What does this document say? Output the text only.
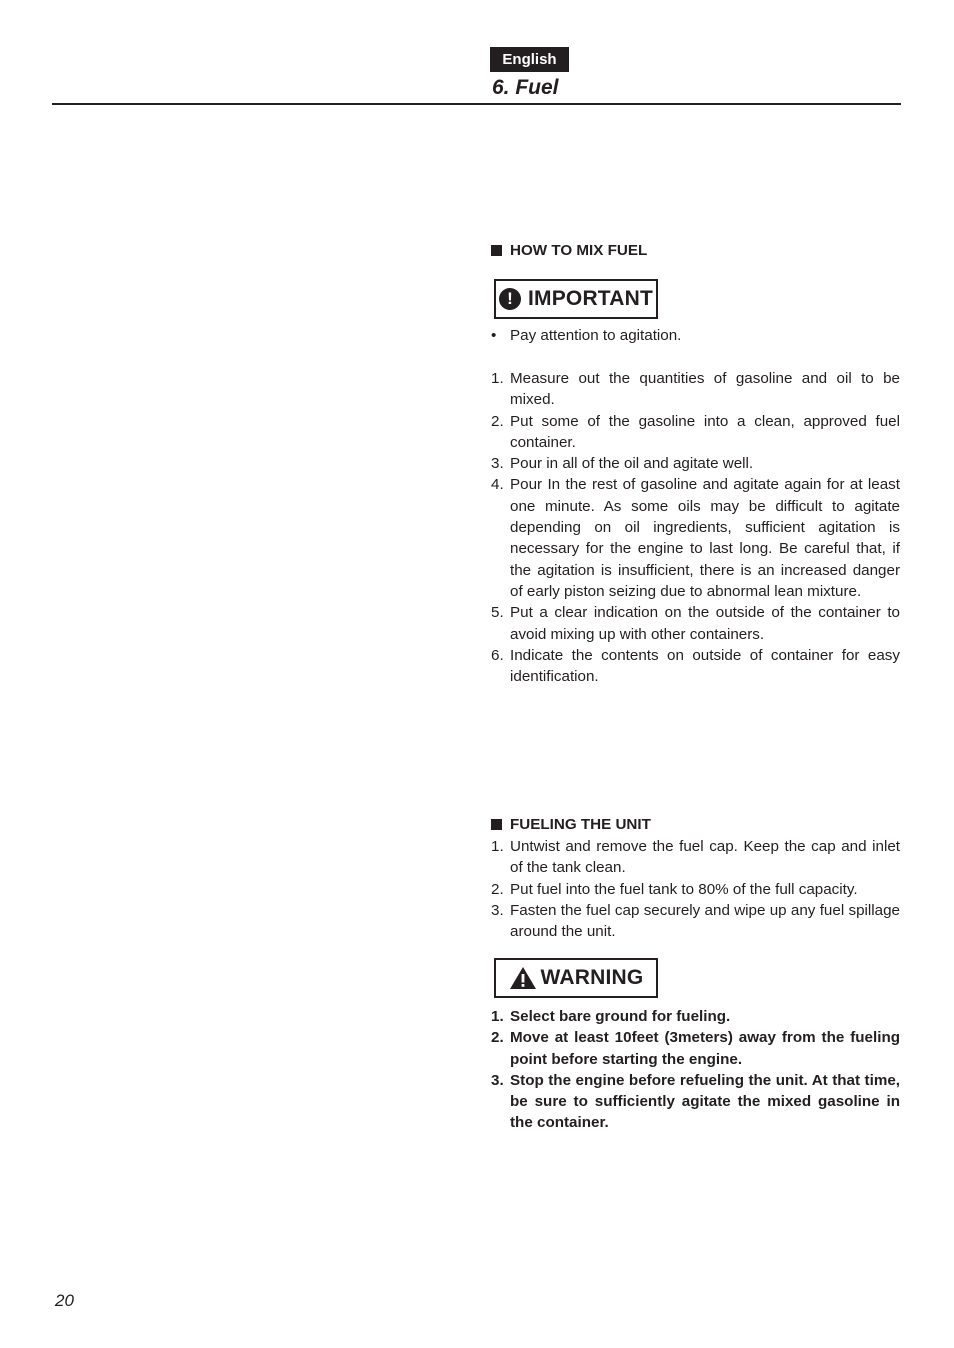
English
6. Fuel
HOW TO MIX FUEL
! IMPORTANT
• Pay attention to agitation.
1. Measure out the quantities of gasoline and oil to be mixed.
2. Put some of the gasoline into a clean, approved fuel container.
3. Pour in all of the oil and agitate well.
4. Pour In the rest of gasoline and agitate again for at least one minute. As some oils may be difficult to agitate depending on oil ingredients, sufficient agitation is necessary for the engine to last long. Be careful that, if the agitation is insufficient, there is an increased danger of early piston seizing due to abnormal lean mixture.
5. Put a clear indication on the outside of the container to avoid mixing up with other containers.
6. Indicate the contents on outside of container for easy identification.
FUELING THE UNIT
1. Untwist and remove the fuel cap. Keep the cap and inlet of the tank clean.
2. Put fuel into the fuel tank to 80% of the full capacity.
3. Fasten the fuel cap securely and wipe up any fuel spillage around the unit.
WARNING
1. Select bare ground for fueling.
2. Move at least 10feet (3meters) away from the fueling point before starting the engine.
3. Stop the engine before refueling the unit. At that time, be sure to sufficiently agitate the mixed gasoline in the container.
20
